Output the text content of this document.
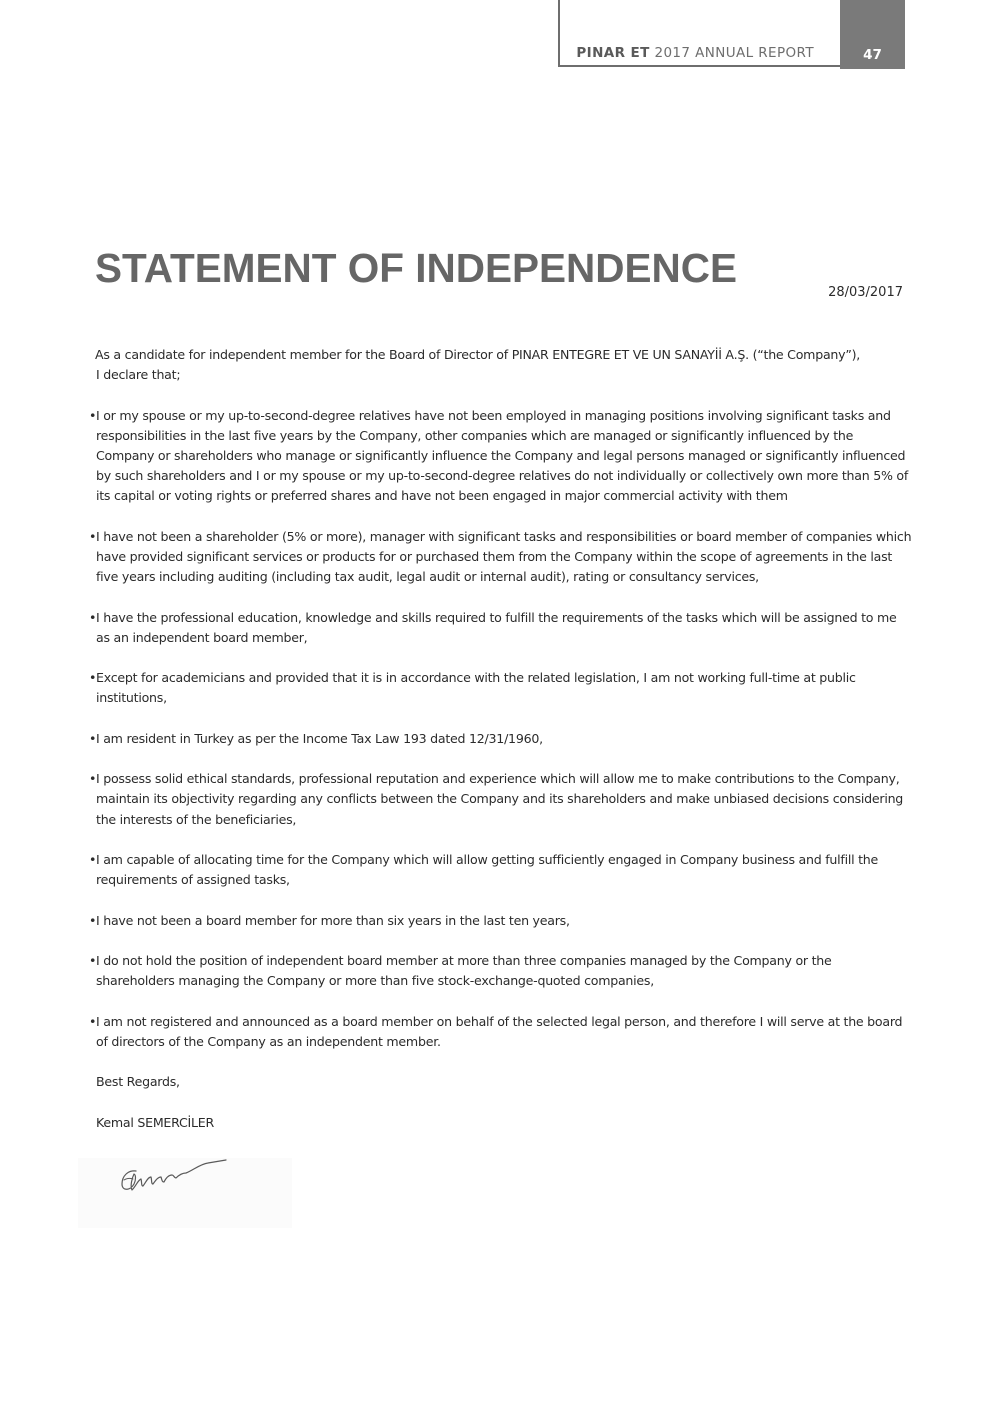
PINAR ET 2017 ANNUAL REPORT	47
STATEMENT OF INDEPENDENCE
28/03/2017

As a candidate for independent member for the Board of Director of PINAR ENTEGRE ET VE UN SANAYİİ A.Ş. (“the Company”),
I declare that;

• I or my spouse or my up-to-second-degree relatives have not been employed in managing positions involving significant tasks and responsibilities in the last five years by the Company, other companies which are managed or significantly influenced by the Company or shareholders who manage or significantly influence the Company and legal persons managed or significantly influenced by such shareholders and I or my spouse or my up-to-second-degree relatives do not individually or collectively own more than 5% of its capital or voting rights or preferred shares and have not been engaged in major commercial activity with them
• I have not been a shareholder (5% or more), manager with significant tasks and responsibilities or board member of companies which have provided significant services or products for or purchased them from the Company within the scope of agreements in the last five years including auditing (including tax audit, legal audit or internal audit), rating or consultancy services,
• I have the professional education, knowledge and skills required to fulfill the requirements of the tasks which will be assigned to me as an independent board member,
• Except for academicians and provided that it is in accordance with the related legislation, I am not working full-time at public institutions,
• I am resident in Turkey as per the Income Tax Law 193 dated 12/31/1960,
• I possess solid ethical standards, professional reputation and experience which will allow me to make contributions to the Company, maintain its objectivity regarding any conflicts between the Company and its shareholders and make unbiased decisions considering the interests of the beneficiaries,
• I am capable of allocating time for the Company which will allow getting sufficiently engaged in Company business and fulfill the requirements of assigned tasks,
• I have not been a board member for more than six years in the last ten years,
• I do not hold the position of independent board member at more than three companies managed by the Company or the shareholders managing the Company or more than five stock-exchange-quoted companies,
• I am not registered and announced as a board member on behalf of the selected legal person, and therefore I will serve at the board of directors of the Company as an independent member.

Best Regards,

Kemal SEMERCİLER
